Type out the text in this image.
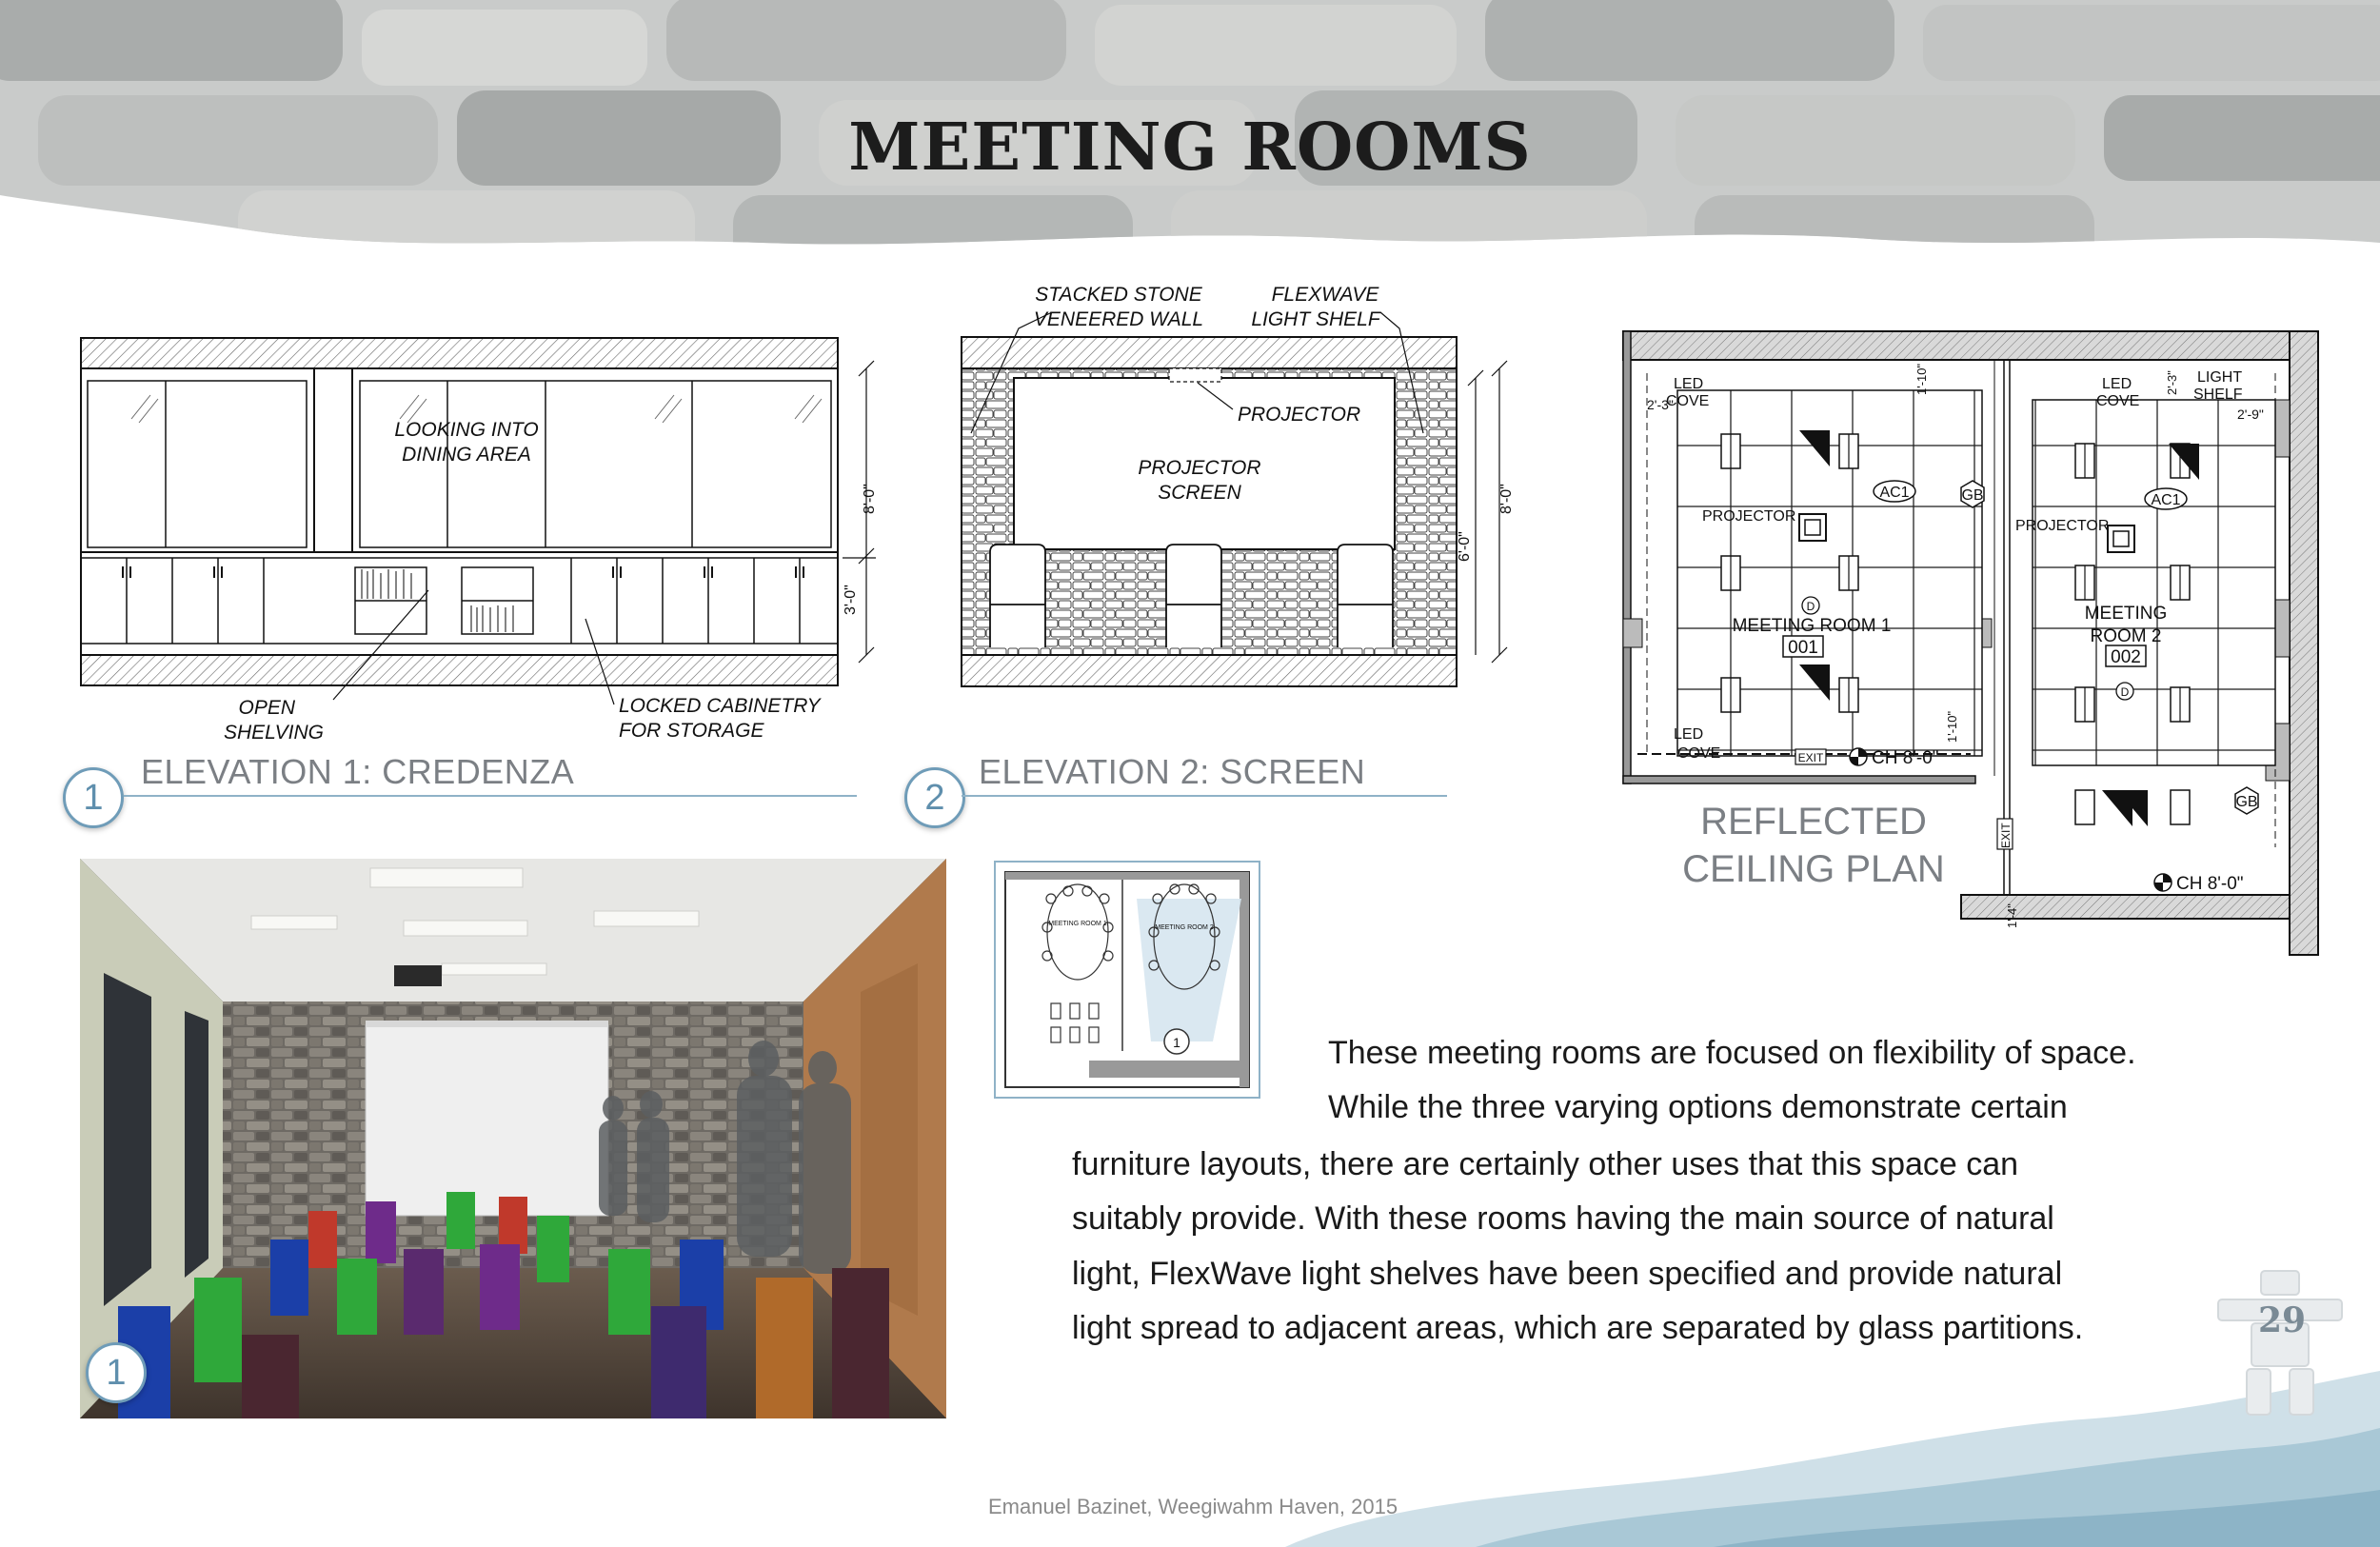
MEETING ROOMS
8'-0"
3'-0"
LOOKING INTO
DINING AREA
OPEN
SHELVING
LOCKED CABINETRY
FOR STORAGE
1
ELEVATION 1: CREDENZA
8'-0"
6'-0"
STACKED STONE
VENEERED WALL
FLEXWAVE
LIGHT SHELF
PROJECTOR
PROJECTOR
SCREEN
2
ELEVATION 2: SCREEN
AC1	AC1
GB
GB
D
D
MEETING ROOM 1
001
MEETING
ROOM 2
002
LED
COVE
LED
COVE
LED
COVE
LIGHT
SHELF
PROJECTOR
PROJECTOR
2'-3"
2'-9"
2'-3"
1'-10"
1'-10"
1'-4"
EXIT
EXIT
CH 8'-0"
CH 8'-0"
REFLECTED
CEILING PLAN
1
MEETING ROOM 1
MEETING ROOM 2
1	These meeting rooms are focused on flexibility of space.
While the three varying options demonstrate certain
furniture layouts, there are certainly other uses that this space can
suitably provide. With these rooms having the main source of natural
light, FlexWave light shelves have been specified and provide natural
light spread to adjacent areas, which are separated by glass partitions.	29
Emanuel Bazinet, Weegiwahm Haven, 2015
